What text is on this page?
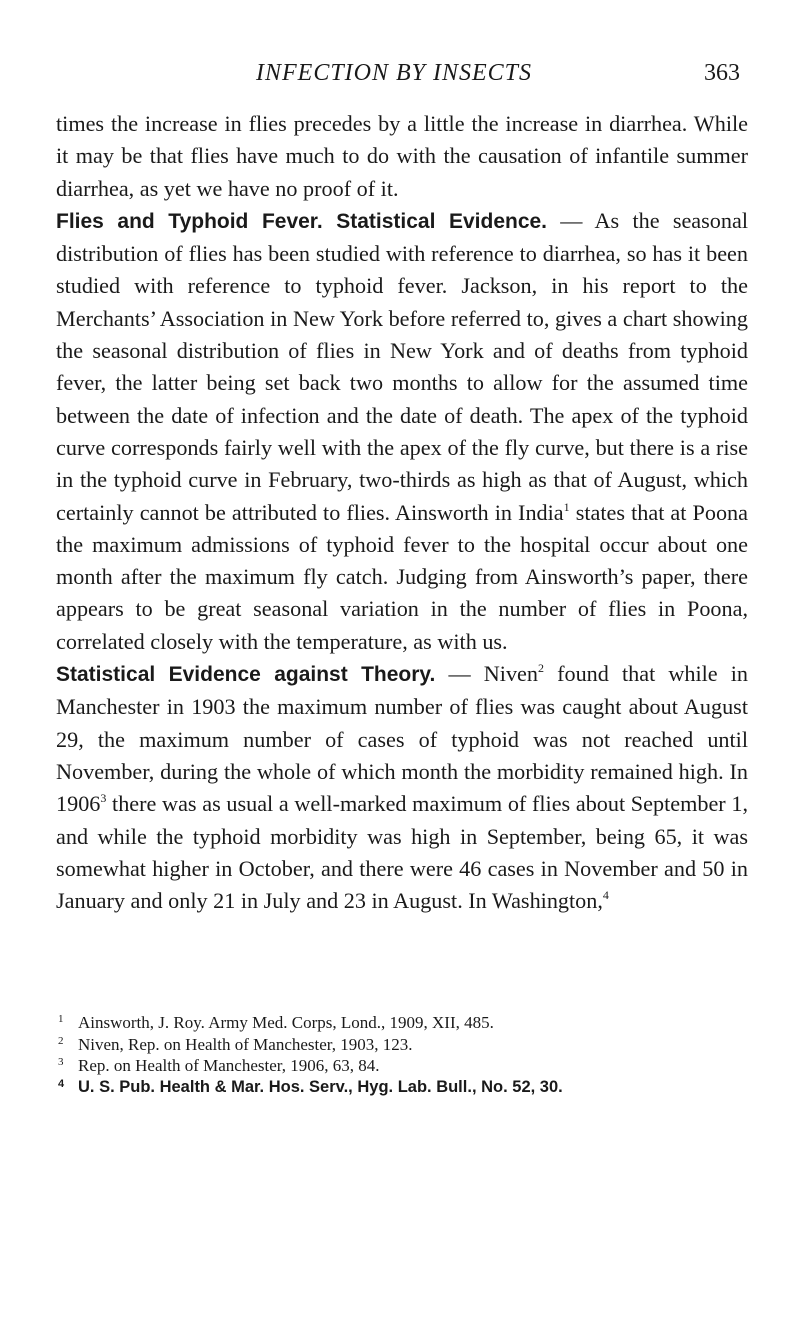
INFECTION BY INSECTS	363

times the increase in flies precedes by a little the increase in diarrhea. While it may be that flies have much to do with the causation of infantile summer diarrhea, as yet we have no proof of it.

Flies and Typhoid Fever. Statistical Evidence. — As the seasonal distribution of flies has been studied with reference to diarrhea, so has it been studied with reference to typhoid fever. Jackson, in his report to the Merchants’ Association in New York before referred to, gives a chart showing the seasonal distribution of flies in New York and of deaths from typhoid fever, the latter being set back two months to allow for the assumed time between the date of infection and the date of death. The apex of the typhoid curve corresponds fairly well with the apex of the fly curve, but there is a rise in the typhoid curve in February, two-thirds as high as that of August, which certainly cannot be attributed to flies. Ainsworth in India$^1$ states that at Poona the maximum admissions of typhoid fever to the hospital occur about one month after the maximum fly catch. Judging from Ainsworth’s paper, there appears to be great seasonal variation in the number of flies in Poona, correlated closely with the temperature, as with us.

Statistical Evidence against Theory. — Niven$^2$ found that while in Manchester in 1903 the maximum number of flies was caught about August 29, the maximum number of cases of typhoid was not reached until November, during the whole of which month the morbidity remained high. In 1906$^3$ there was as usual a well-marked maximum of flies about September 1, and while the typhoid morbidity was high in September, being 65, it was somewhat higher in October, and there were 46 cases in November and 50 in January and only 21 in July and 23 in August. In Washington,$^4$

1 Ainsworth, J. Roy. Army Med. Corps, Lond., 1909, XII, 485.

2 Niven, Rep. on Health of Manchester, 1903, 123.

3 Rep. on Health of Manchester, 1906, 63, 84.

4 U. S. Pub. Health & Mar. Hos. Serv., Hyg. Lab. Bull., No. 52, 30.
